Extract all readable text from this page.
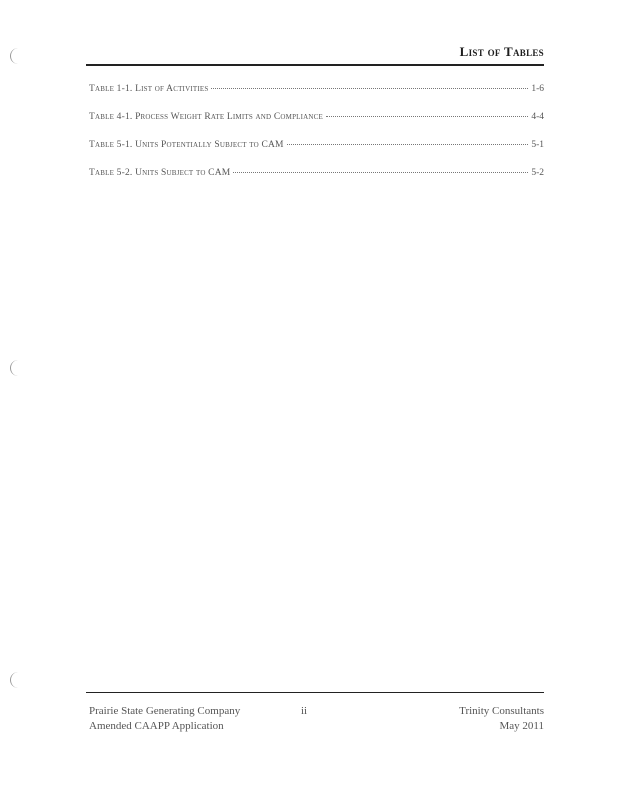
List of Tables
Table 1-1. List of Activities	1-6
Table 4-1. Process Weight Rate Limits and Compliance	4-4
Table 5-1. Units Potentially Subject to CAM	5-1
Table 5-2. Units Subject to CAM	5-2
Prairie State Generating Company
Amended CAAPP Application
ii	Trinity Consultants
May 2011
